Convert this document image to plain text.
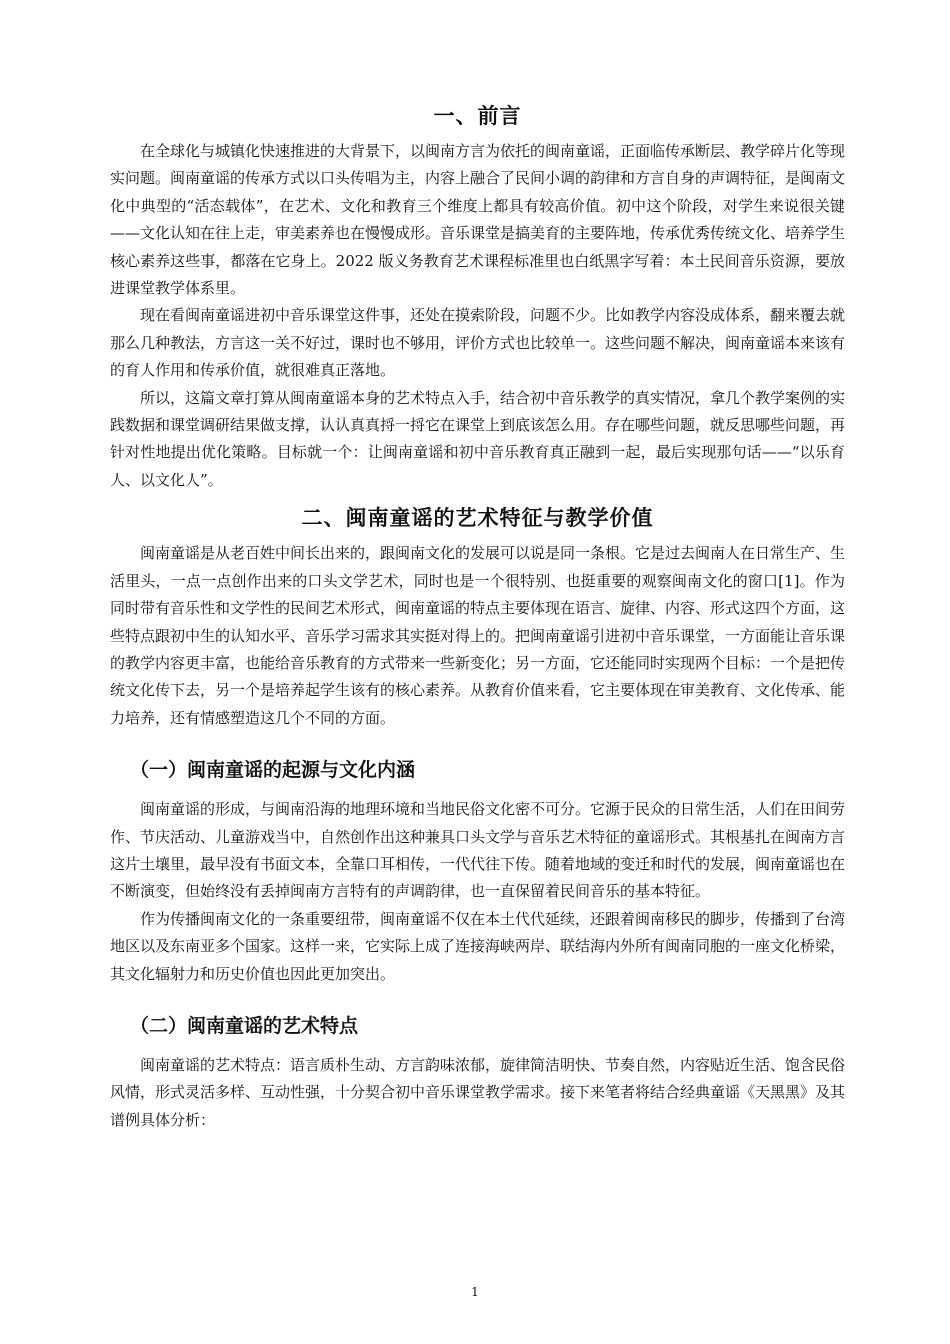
一、前言

在全球化与城镇化快速推进的大背景下，以闽南方言为依托的闽南童谣，正面临传承断层、教学碎片化等现实问题。闽南童谣的传承方式以口头传唱为主，内容上融合了民间小调的韵律和方言自身的声调特征，是闽南文化中典型的“活态载体”，在艺术、文化和教育三个维度上都具有较高价值。初中这个阶段，对学生来说很关键——文化认知在往上走，审美素养也在慢慢成形。音乐课堂是搞美育的主要阵地，传承优秀传统文化、培养学生核心素养这些事，都落在它身上。2022 版义务教育艺术课程标准里也白纸黑字写着：本土民间音乐资源，要放进课堂教学体系里。

现在看闽南童谣进初中音乐课堂这件事，还处在摸索阶段，问题不少。比如教学内容没成体系，翻来覆去就那么几种教法，方言这一关不好过，课时也不够用，评价方式也比较单一。这些问题不解决，闽南童谣本来该有的育人作用和传承价值，就很难真正落地。

所以，这篇文章打算从闽南童谣本身的艺术特点入手，结合初中音乐教学的真实情况，拿几个教学案例的实践数据和课堂调研结果做支撑，认认真真捋一捋它在课堂上到底该怎么用。存在哪些问题，就反思哪些问题，再针对性地提出优化策略。目标就一个：让闽南童谣和初中音乐教育真正融到一起，最后实现那句话——“以乐育人、以文化人”。

二、闽南童谣的艺术特征与教学价值

闽南童谣是从老百姓中间长出来的，跟闽南文化的发展可以说是同一条根。它是过去闽南人在日常生产、生活里头，一点一点创作出来的口头文学艺术，同时也是一个很特别、也挺重要的观察闽南文化的窗口[1]。作为同时带有音乐性和文学性的民间艺术形式，闽南童谣的特点主要体现在语言、旋律、内容、形式这四个方面，这些特点跟初中生的认知水平、音乐学习需求其实挺对得上的。把闽南童谣引进初中音乐课堂，一方面能让音乐课的教学内容更丰富，也能给音乐教育的方式带来一些新变化；另一方面，它还能同时实现两个目标：一个是把传统文化传下去，另一个是培养起学生该有的核心素养。从教育价值来看，它主要体现在审美教育、文化传承、能力培养，还有情感塑造这几个不同的方面。

（一）闽南童谣的起源与文化内涵

闽南童谣的形成，与闽南沿海的地理环境和当地民俗文化密不可分。它源于民众的日常生活，人们在田间劳作、节庆活动、儿童游戏当中，自然创作出这种兼具口头文学与音乐艺术特征的童谣形式。其根基扎在闽南方言这片土壤里，最早没有书面文本，全靠口耳相传，一代代往下传。随着地域的变迁和时代的发展，闽南童谣也在不断演变，但始终没有丢掉闽南方言特有的声调韵律，也一直保留着民间音乐的基本特征。

作为传播闽南文化的一条重要纽带，闽南童谣不仅在本土代代延续，还跟着闽南移民的脚步，传播到了台湾地区以及东南亚多个国家。这样一来，它实际上成了连接海峡两岸、联结海内外所有闽南同胞的一座文化桥梁，其文化辐射力和历史价值也因此更加突出。

（二）闽南童谣的艺术特点

闽南童谣的艺术特点：语言质朴生动、方言韵味浓郁，旋律简洁明快、节奏自然，内容贴近生活、饱含民俗风情，形式灵活多样、互动性强，十分契合初中音乐课堂教学需求。接下来笔者将结合经典童谣《天黑黑》及其谱例具体分析：

1
